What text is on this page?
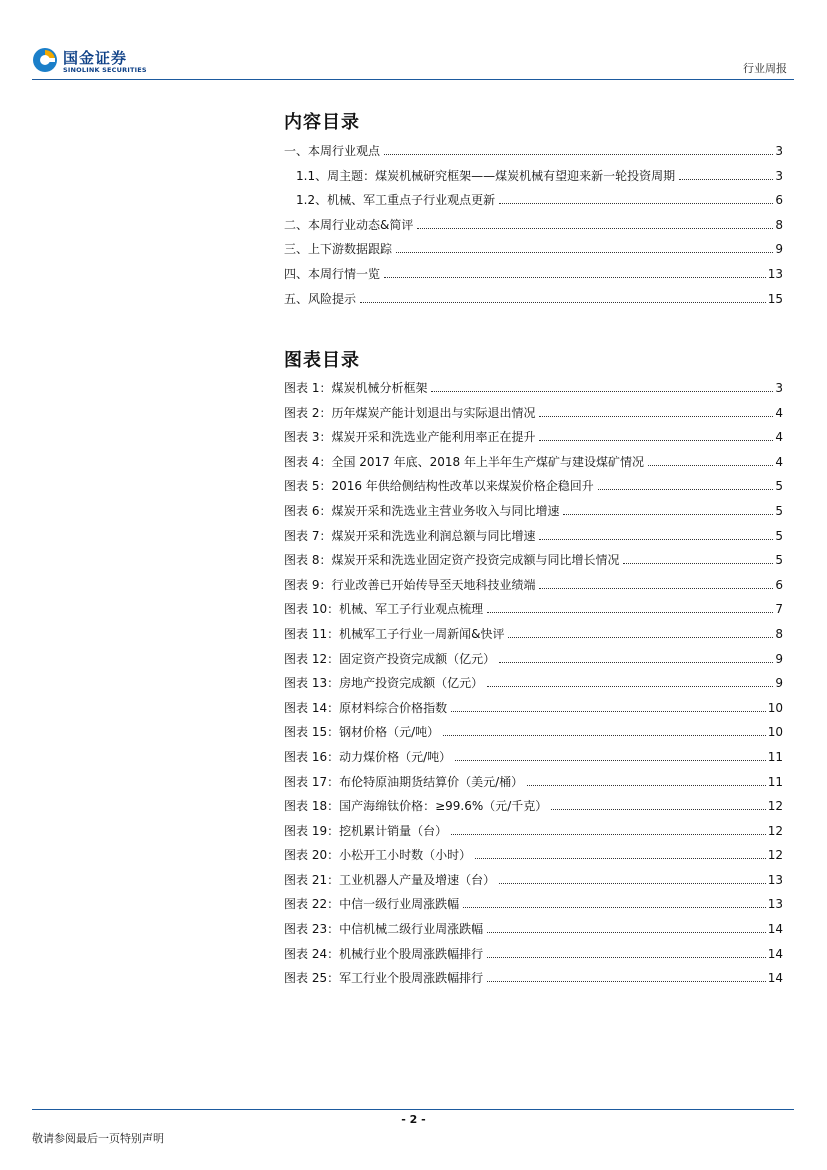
国金证券
SINOLINK SECURITIES	行业周报
内容目录
一、本周行业观点	3
1.1、周主题：煤炭机械研究框架——煤炭机械有望迎来新一轮投资周期	3
1.2、机械、军工重点子行业观点更新	6
二、本周行业动态&简评	8
三、上下游数据跟踪	9
四、本周行情一览	13
五、风险提示	15
图表目录
图表 1：煤炭机械分析框架	3
图表 2：历年煤炭产能计划退出与实际退出情况	4
图表 3：煤炭开采和洗选业产能利用率正在提升	4
图表 4：全国 2017 年底、2018 年上半年生产煤矿与建设煤矿情况	4
图表 5：2016 年供给侧结构性改革以来煤炭价格企稳回升	5
图表 6：煤炭开采和洗选业主营业务收入与同比增速	5
图表 7：煤炭开采和洗选业利润总额与同比增速	5
图表 8：煤炭开采和洗选业固定资产投资完成额与同比增长情况	5
图表 9：行业改善已开始传导至天地科技业绩端	6
图表 10：机械、军工子行业观点梳理	7
图表 11：机械军工子行业一周新闻&快评	8
图表 12：固定资产投资完成额（亿元）	9
图表 13：房地产投资完成额（亿元）	9
图表 14：原材料综合价格指数	10
图表 15：钢材价格（元/吨）	10
图表 16：动力煤价格（元/吨）	11
图表 17：布伦特原油期货结算价（美元/桶）	11
图表 18：国产海绵钛价格：≥99.6%（元/千克）	12
图表 19：挖机累计销量（台）	12
图表 20：小松开工小时数（小时）	12
图表 21：工业机器人产量及增速（台）	13
图表 22：中信一级行业周涨跌幅	13
图表 23：中信机械二级行业周涨跌幅	14
图表 24：机械行业个股周涨跌幅排行	14
图表 25：军工行业个股周涨跌幅排行	14
- 2 -
敬请参阅最后一页特别声明
